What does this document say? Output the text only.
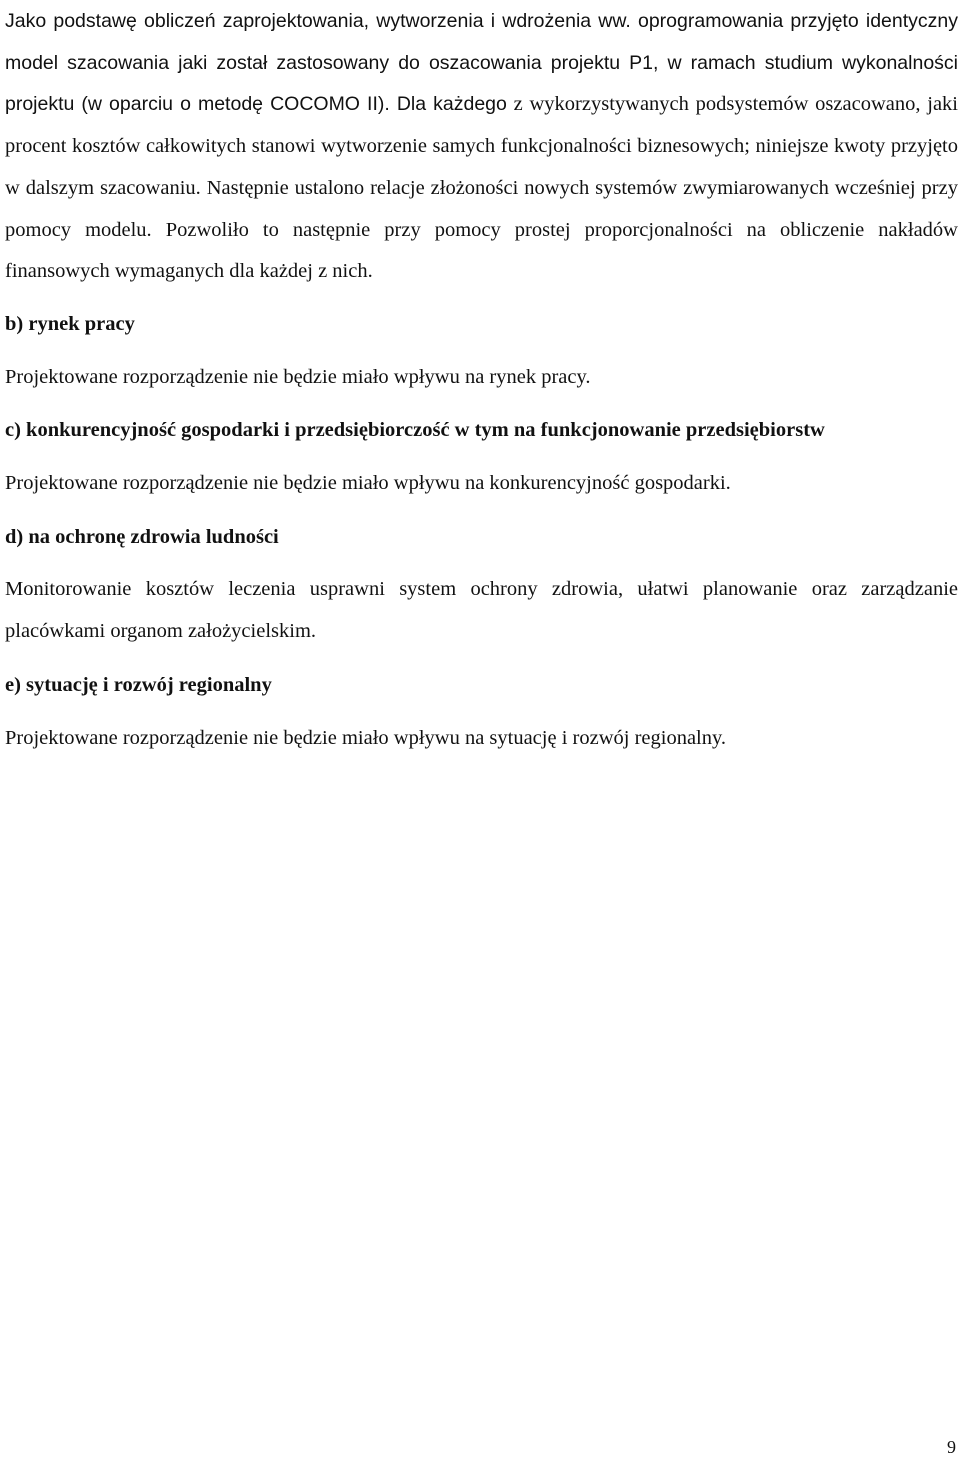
Jako podstawę obliczeń zaprojektowania, wytworzenia i wdrożenia ww. oprogramowania przyjęto identyczny model szacowania jaki został zastosowany do oszacowania projektu P1, w ramach studium wykonalności projektu (w oparciu o metodę COCOMO II). Dla każdego z wykorzystywanych podsystemów oszacowano, jaki procent kosztów całkowitych stanowi wytworzenie samych funkcjonalności biznesowych; niniejsze kwoty przyjęto w dalszym szacowaniu. Następnie ustalono relacje złożoności nowych systemów zwymiarowanych wcześniej przy pomocy modelu. Pozwoliło to następnie przy pomocy prostej proporcjonalności na obliczenie nakładów finansowych wymaganych dla każdej z nich.

b) rynek pracy

Projektowane rozporządzenie nie będzie miało wpływu na rynek pracy.

c) konkurencyjność gospodarki i przedsiębiorczość w tym na funkcjonowanie przedsiębiorstw

Projektowane rozporządzenie nie będzie miało wpływu na konkurencyjność gospodarki.

d) na ochronę zdrowia ludności

Monitorowanie kosztów leczenia usprawni system ochrony zdrowia, ułatwi planowanie oraz zarządzanie placówkami organom założycielskim.

e) sytuację i rozwój regionalny

Projektowane rozporządzenie nie będzie miało wpływu na sytuację i rozwój regionalny.

9
